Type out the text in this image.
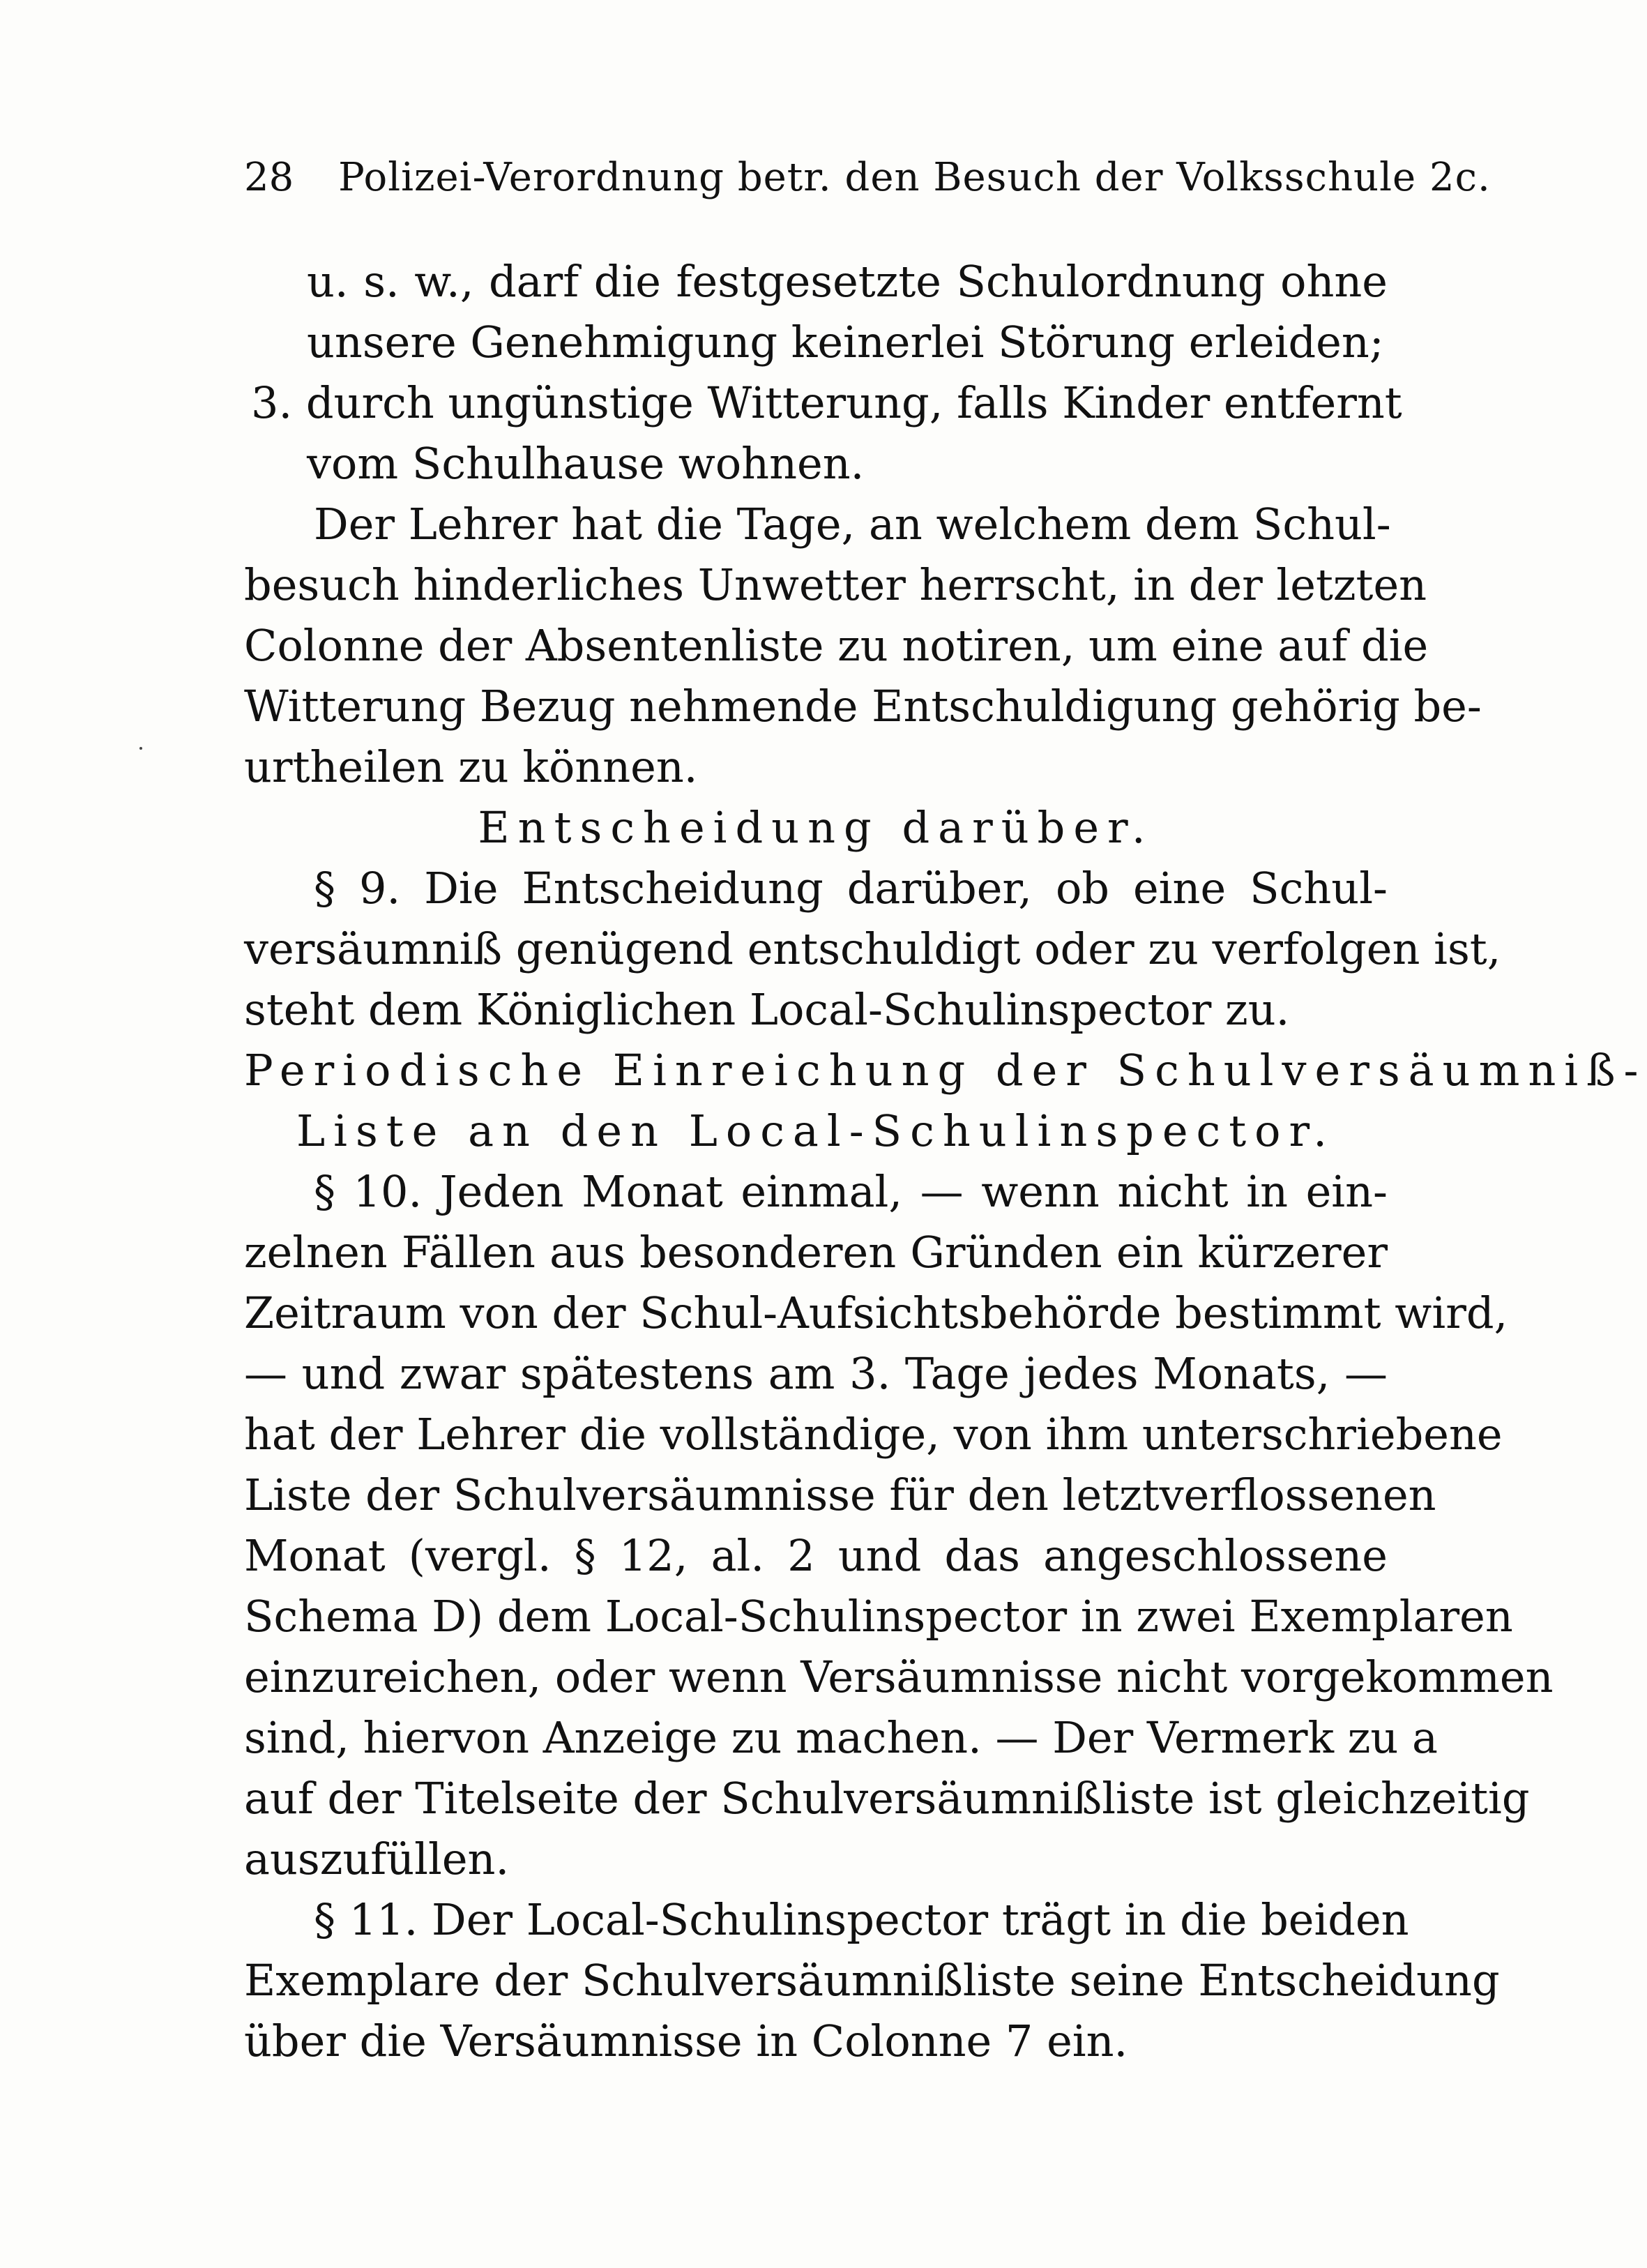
28 Polizei-Verordnung betr. den Besuch der Volksschule 2c.
u. s. w., darf die festgesetzte Schulordnung ohne
unsere Genehmigung keinerlei Störung erleiden;
3. durch ungünstige Witterung, falls Kinder entfernt
vom Schulhause wohnen.
Der Lehrer hat die Tage, an welchem dem Schul-
besuch hinderliches Unwetter herrscht, in der letzten
Colonne der Absentenliste zu notiren, um eine auf die
Witterung Bezug nehmende Entschuldigung gehörig be-
urtheilen zu können.
Entscheidung darüber.
§ 9. Die Entscheidung darüber, ob eine Schul-
versäumniß genügend entschuldigt oder zu verfolgen ist,
steht dem Königlichen Local-Schulinspector zu.
Periodische Einreichung der Schulversäumniß-
Liste an den Local-Schulinspector.
§ 10. Jeden Monat einmal, — wenn nicht in ein-
zelnen Fällen aus besonderen Gründen ein kürzerer
Zeitraum von der Schul-Aufsichtsbehörde bestimmt wird,
— und zwar spätestens am 3. Tage jedes Monats, —
hat der Lehrer die vollständige, von ihm unterschriebene
Liste der Schulversäumnisse für den letztverflossenen
Monat (vergl. § 12, al. 2 und das angeschlossene
Schema D) dem Local-Schulinspector in zwei Exemplaren
einzureichen, oder wenn Versäumnisse nicht vorgekommen
sind, hiervon Anzeige zu machen. — Der Vermerk zu a
auf der Titelseite der Schulversäumnißliste ist gleichzeitig
auszufüllen.
§ 11. Der Local-Schulinspector trägt in die beiden
Exemplare der Schulversäumnißliste seine Entscheidung
über die Versäumnisse in Colonne 7 ein.
